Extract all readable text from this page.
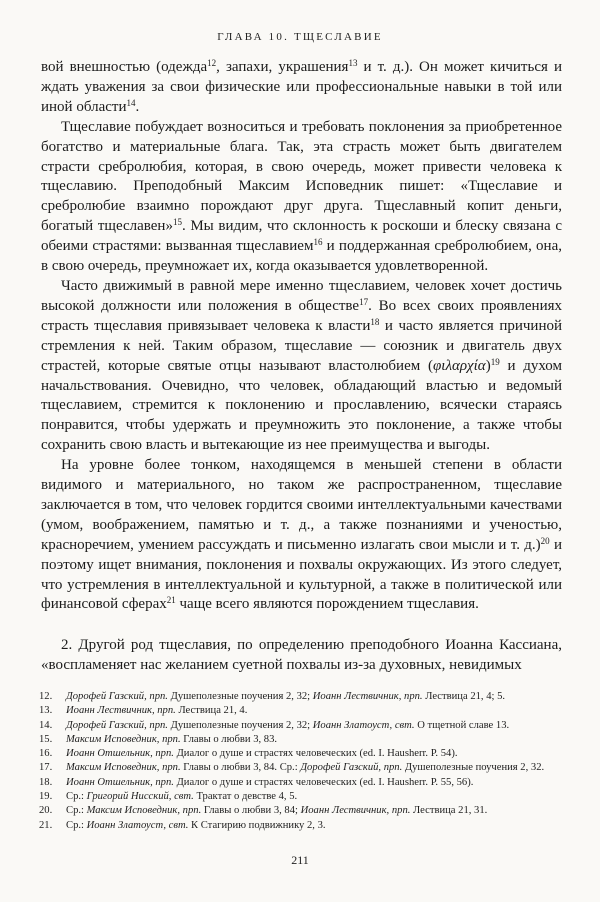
ГЛАВА 10. ТЩЕСЛАВИЕ

вой внешностью (одежда$^{12}$, запахи, украшения$^{13}$ и т. д.). Он может кичиться и ждать уважения за свои физические или профессиональные навыки в той или иной области$^{14}$.

Тщеславие побуждает возноситься и требовать поклонения за приобретенное богатство и материальные блага. Так, эта страсть может быть двигателем страсти сребролюбия, которая, в свою очередь, может привести человека к тщеславию. Преподобный Максим Исповедник пишет: «Тщеславие и сребролюбие взаимно порождают друг друга. Тщеславный копит деньги, богатый тщеславен»$^{15}$. Мы видим, что склонность к роскоши и блеску связана с обеими страстями: вызванная тщеславием$^{16}$ и поддержанная сребролюбием, она, в свою очередь, преумножает их, когда оказывается удовлетворенной.

Часто движимый в равной мере именно тщеславием, человек хочет достичь высокой должности или положения в обществе$^{17}$. Во всех своих проявлениях страсть тщеславия привязывает человека к власти$^{18}$ и часто является причиной стремления к ней. Таким образом, тщеславие — союзник и двигатель двух страстей, которые святые отцы называют властолюбием $(\varphi\iota\lambda\alpha\rho\chi ί\alpha)^{19}$ и духом начальствования. Очевидно, что человек, обладающий властью и ведомый тщеславием, стремится к поклонению и прославлению, всячески стараясь понравится, чтобы удержать и преумножить это поклонение, а также чтобы сохранить свою власть и вытекающие из нее преимущества и выгоды.

На уровне более тонком, находящемся в меньшей степени в области видимого и материального, но таком же распространенном, тщеславие заключается в том, что человек гордится своими интеллектуальными качествами (умом, воображением, памятью и т. д., а также познаниями и ученостью, красноречием, умением рассуждать и письменно излагать свои мысли и т. д.)$^{20}$ и поэтому ищет внимания, поклонения и похвалы окружающих. Из этого следует, что устремления в интеллектуальной и культурной, а также в политической или финансовой сферах$^{21}$ чаще всего являются порождением тщеславия.

2. Другой род тщеславия, по определению преподобного Иоанна Кассиана, «воспламеняет нас желанием суетной похвалы из-за духовных, невидимых

12.	Дорофей Газский, прп. Душеполезные поучения 2, 32; Иоанн Лествичник, прп. Лествица 21, 4; 5.
13.	Иоанн Лествичник, прп. Лествица 21, 4.
14.	Дорофей Газский, прп. Душеполезные поучения 2, 32; Иоанн Златоуст, свт. О тщетной славе 13.
15.	Максим Исповедник, прп. Главы о любви 3, 83.
16.	Иоанн Отшельник, прп. Диалог о душе и страстях человеческих (ed. I. Hausherr. P. 54).
17.	Максим Исповедник, прп. Главы о любви 3, 84. Ср.: Дорофей Газский, прп. Душеполезные поучения 2, 32.
18.	Иоанн Отшельник, прп. Диалог о душе и страстях человеческих (ed. I. Hausherr. P. 55, 56).
19.	Ср.: Григорий Нисский, свт. Трактат о девстве 4, 5.
20.	Ср.: Максим Исповедник, прп. Главы о любви 3, 84; Иоанн Лествичник, прп. Лествица 21, 31.
21.	Ср.: Иоанн Златоуст, свт. К Стагирию подвижнику 2, 3.
211
